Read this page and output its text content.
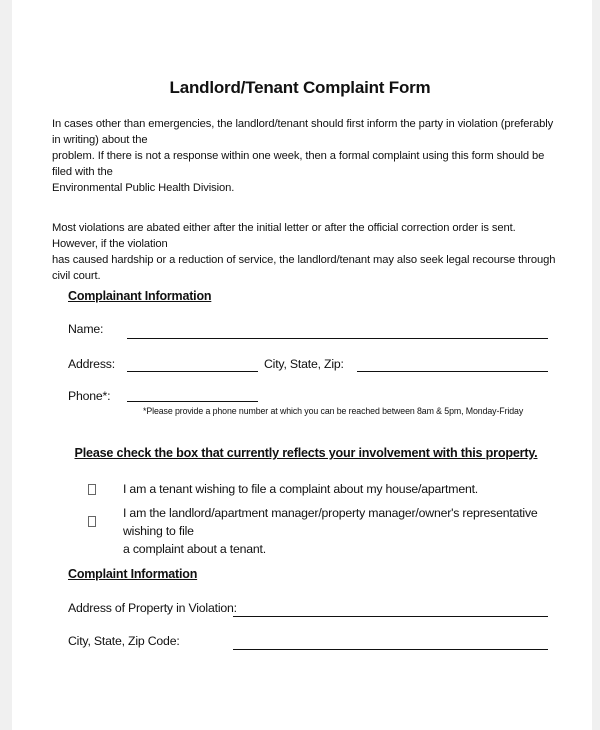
Landlord/Tenant Complaint Form
In cases other than emergencies, the landlord/tenant should first inform the party in violation (preferably in writing) about the
problem. If there is not a response within one week, then a formal complaint using this form should be filed with the
Environmental Public Health Division.
Most violations are abated either after the initial letter or after the official correction order is sent. However, if the violation
has caused hardship or a reduction of service, the landlord/tenant may also seek legal recourse through civil court.
Complainant Information
Name:
Address:	City, State, Zip:
Phone*:
*Please provide a phone number at which you can be reached between 8am & 5pm, Monday-Friday
Please check the box that currently reflects your involvement with this property.
I am a tenant wishing to file a complaint about my house/apartment.
I am the landlord/apartment manager/property manager/owner's representative wishing to file
a complaint about a tenant.
Complaint Information
Address of Property in Violation:
City, State, Zip Code:
